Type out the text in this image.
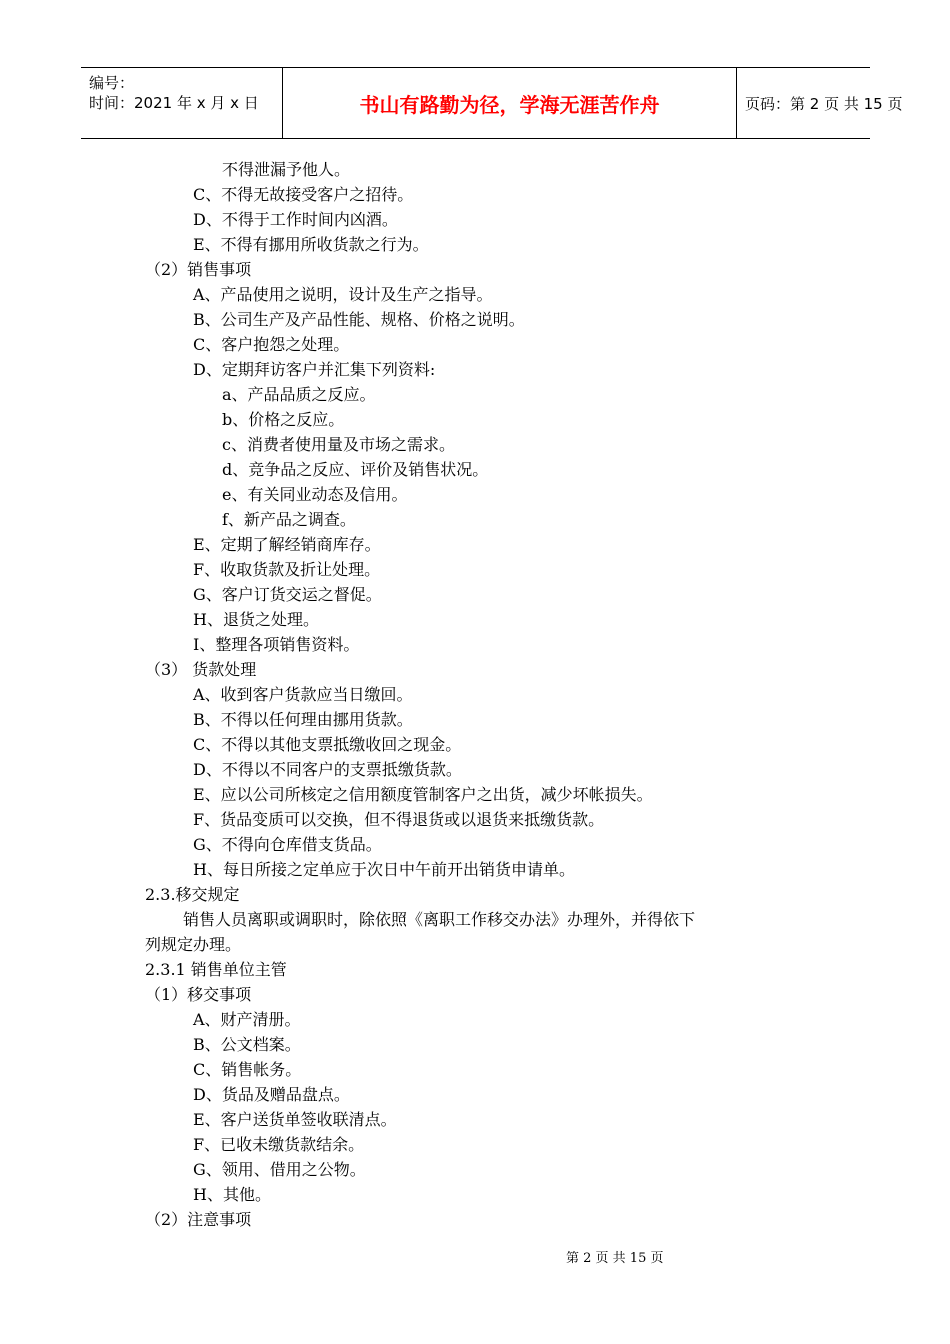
编号：
时间：2021 年 x 月 x 日	书山有路勤为径，学海无涯苦作舟	页码：第 2 页 共 15 页
不得泄漏予他人。
C、不得无故接受客户之招待。
D、不得于工作时间内凶酒。
E、不得有挪用所收货款之行为。
（2）销售事项
A、产品使用之说明，设计及生产之指导。
B、公司生产及产品性能、规格、价格之说明。
C、客户抱怨之处理。
D、定期拜访客户并汇集下列资料:
a、产品品质之反应。
b、价格之反应。
c、消费者使用量及市场之需求。
d、竞争品之反应、评价及销售状况。
e、有关同业动态及信用。
f、新产品之调查。
E、定期了解经销商库存。
F、收取货款及折让处理。
G、客户订货交运之督促。
H、退货之处理。
I、整理各项销售资料。
（3） 货款处理
A、收到客户货款应当日缴回。
B、不得以任何理由挪用货款。
C、不得以其他支票抵缴收回之现金。
D、不得以不同客户的支票抵缴货款。
E、应以公司所核定之信用额度管制客户之出货，减少坏帐损失。
F、货品变质可以交换，但不得退货或以退货来抵缴货款。
G、不得向仓库借支货品。
H、每日所接之定单应于次日中午前开出销货申请单。
2.3.移交规定
销售人员离职或调职时，除依照《离职工作移交办法》办理外，并得依下
列规定办理。
2.3.1 销售单位主管
（1）移交事项
A、财产清册。
B、公文档案。
C、销售帐务。
D、货品及赠品盘点。
E、客户送货单签收联清点。
F、已收未缴货款结余。
G、领用、借用之公物。
H、其他。
（2）注意事项
第 2 页 共 15 页
